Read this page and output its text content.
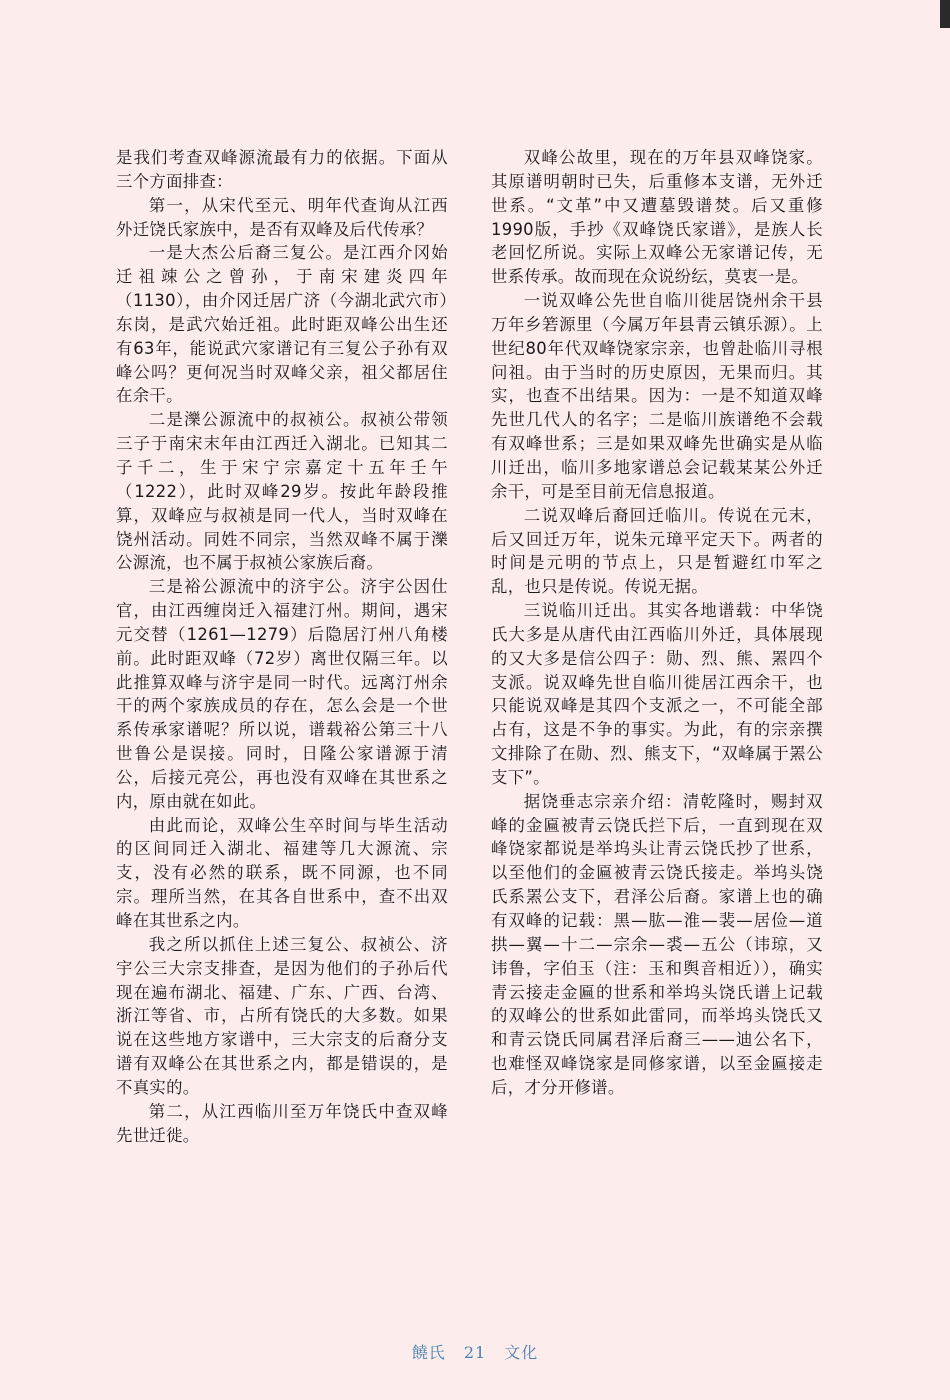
是我们考查双峰源流最有力的依据。下面从三个方面排查：

第一，从宋代至元、明年代查询从江西外迁饶氏家族中，是否有双峰及后代传承？

一是大杰公后裔三复公。是江西介冈始迁祖竦公之曾孙，于南宋建炎四年（1130），由介冈迁居广济（今湖北武穴市）东岗，是武穴始迁祖。此时距双峰公出生还有63年，能说武穴家谱记有三复公子孙有双峰公吗？更何况当时双峰父亲，祖父都居住在余干。

二是濼公源流中的叔祯公。叔祯公带领三子于南宋末年由江西迁入湖北。已知其二子千二，生于宋宁宗嘉定十五年壬午（1222），此时双峰29岁。按此年龄段推算，双峰应与叔祯是同一代人，当时双峰在饶州活动。同姓不同宗，当然双峰不属于濼公源流，也不属于叔祯公家族后裔。

三是裕公源流中的济宇公。济宇公因仕官，由江西缠岗迁入福建汀州。期间，遇宋元交替（1261—1279）后隐居汀州八角楼前。此时距双峰（72岁）离世仅隔三年。以此推算双峰与济宇是同一时代。远离汀州余干的两个家族成员的存在，怎么会是一个世系传承家谱呢？所以说，谱载裕公第三十八世鲁公是误接。同时，日隆公家谱源于清公，后接元亮公，再也没有双峰在其世系之内，原由就在如此。

由此而论，双峰公生卒时间与毕生活动的区间同迁入湖北、福建等几大源流、宗支，没有必然的联系，既不同源，也不同宗。理所当然，在其各自世系中，查不出双峰在其世系之内。

我之所以抓住上述三复公、叔祯公、济宇公三大宗支排查，是因为他们的子孙后代现在遍布湖北、福建、广东、广西、台湾、浙江等省、市，占所有饶氏的大多数。如果说在这些地方家谱中，三大宗支的后裔分支谱有双峰公在其世系之内，都是错误的，是不真实的。

第二，从江西临川至万年饶氏中查双峰先世迁徙。

双峰公故里，现在的万年县双峰饶家。其原谱明朝时已失，后重修本支谱，无外迁世系。“文革”中又遭墓毁谱焚。后又重修1990版，手抄《双峰饶氏家谱》，是族人长老回忆所说。实际上双峰公无家谱记传，无世系传承。故而现在众说纷纭，莫衷一是。

一说双峰公先世自临川徙居饶州余干县万年乡箬源里（今属万年县青云镇乐源）。上世纪80年代双峰饶家宗亲，也曾赴临川寻根问祖。由于当时的历史原因，无果而归。其实，也查不出结果。因为：一是不知道双峰先世几代人的名字；二是临川族谱绝不会载有双峰世系；三是如果双峰先世确实是从临川迁出，临川多地家谱总会记载某某公外迁余干，可是至目前无信息报道。

二说双峰后裔回迁临川。传说在元末，后又回迁万年，说朱元璋平定天下。两者的时间是元明的节点上，只是暂避红巾军之乱，也只是传说。传说无据。

三说临川迁出。其实各地谱载：中华饶氏大多是从唐代由江西临川外迁，具体展现的又大多是信公四子：勋、烈、熊、罴四个支派。说双峰先世自临川徙居江西余干，也只能说双峰是其四个支派之一，不可能全部占有，这是不争的事实。为此，有的宗亲撰文排除了在勋、烈、熊支下，“双峰属于罴公支下”。

据饶垂志宗亲介绍：清乾隆时，赐封双峰的金匾被青云饶氏拦下后，一直到现在双峰饶家都说是举坞头让青云饶氏抄了世系，以至他们的金匾被青云饶氏接走。举坞头饶氏系罴公支下，君泽公后裔。家谱上也的确有双峰的记载：黑—肱—淮—裴—居俭—道拱—翼—十二—宗余—裘—五公（讳琼，又讳鲁，字伯玉（注：玉和舆音相近）），确实青云接走金匾的世系和举坞头饶氏谱上记载的双峰公的世系如此雷同，而举坞头饶氏又和青云饶氏同属君泽后裔三——迪公名下，也难怪双峰饶家是同修家谱，以至金匾接走后，才分开修谱。

饒氏 21 文化
